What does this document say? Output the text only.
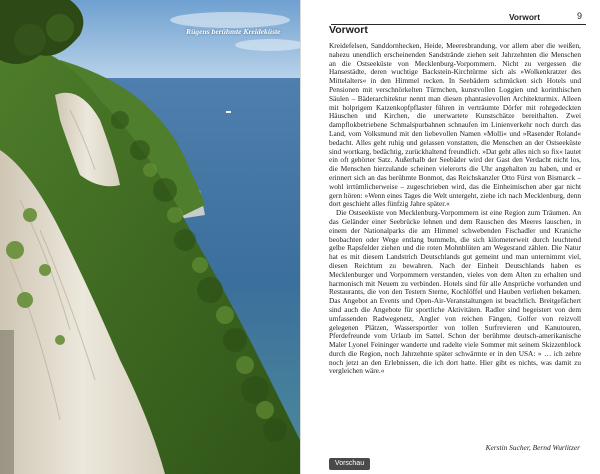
Rügens berühmte Kreideküste
Vorwort	9
Vorwort

Kreidefelsen, Sanddornhecken, Heide, Meeresbrandung, vor allem aber die weißen, nahezu unendlich erscheinenden Sandstrände ziehen seit Jahrzehnten die Menschen an die Ostseeküste von Mecklenburg-Vorpommern. Nicht zu vergessen die Hansestädte, deren wuchtige Backstein-Kirchtürme sich als »Wolkenkratzer des Mittelalters« in den Himmel recken. In Seebädern schmücken sich Hotels und Pensionen mit verschnörkelten Türmchen, kunstvollen Loggien und korinthischen Säulen – Bäderarchitektur nennt man diesen phantasievollen Architekturmix. Alleen mit holprigem Katzenkopfpflaster führen in verträumte Dörfer mit rohrgedeckten Häuschen und Kirchen, die unerwartete Kunstschätze bereithalten. Zwei dampflokbetriebene Schmalspurbahnen schnaufen im Linienverkehr noch durch das Land, vom Volksmund mit den liebevollen Namen »Molli« und »Rasender Roland« bedacht. Alles geht ruhig und gelassen vonstatten, die Menschen an der Ostseeküste sind wortkarg, bedächtig, zurückhaltend freundlich. »Dat geht alles nich so fix« lautet ein oft gehörter Satz. Außerhalb der Seebäder wird der Gast den Verdacht nicht los, die Menschen hierzulande scheinen vielerorts die Uhr angehalten zu haben, und er erinnert sich an das berühmte Bonmot, das Reichskanzler Otto Fürst von Bismarck – wohl irrtümlicherweise – zugeschrieben wird, das die Einheimischen aber gar nicht gern hören: »Wenn eines Tages die Welt untergeht, ziehe ich nach Mecklenburg, denn dort geschieht alles fünfzig Jahre später.«

Die Ostseeküste von Mecklenburg-Vorpommern ist eine Region zum Träumen. An das Geländer einer Seebrücke lehnen und dem Rauschen des Meeres lauschen, in einem der Nationalparks die am Himmel schwebenden Fischadler und Kraniche beobachten oder Wege entlang bummeln, die sich kilometerweit durch leuchtend gelbe Rapsfelder ziehen und die roten Mohnblüten am Wegesrand zählen. Die Natur hat es mit diesem Landstrich Deutschlands gut gemeint und man unternimmt viel, diesen Reichtum zu bewahren. Nach der Einheit Deutschlands haben es Mecklenburger und Vorpommern verstanden, vieles von dem Alten zu erhalten und harmonisch mit Neuem zu verbinden. Hotels sind für alle Ansprüche vorhanden und Restaurants, die von den Testern Sterne, Kochlöffel und Hauben verliehen bekamen. Das Angebot an Events und Open-Air-Veranstaltungen ist beachtlich. Breitgefächert sind auch die Angebote für sportliche Aktivitäten. Radler sind begeistert von dem umfassenden Radwegenetz, Angler von reichen Fängen, Golfer von reizvoll gelegenen Plätzen, Wassersportler von tollen Surfrevieren und Kanutouren, Pferdefreunde vom Urlaub im Sattel. Schon der berühmte deutsch-amerikanische Maler Lyonel Feininger wanderte und radelte viele Sommer mit seinem Skizzenblock durch die Region, noch Jahrzehnte später schwärmte er in den USA: » … ich zehre noch jetzt an den Erlebnissen, die ich dort hatte. Hier gibt es nichts, was damit zu vergleichen wäre.«

Kerstin Sucher, Bernd Wurlitzer
Vorschau
